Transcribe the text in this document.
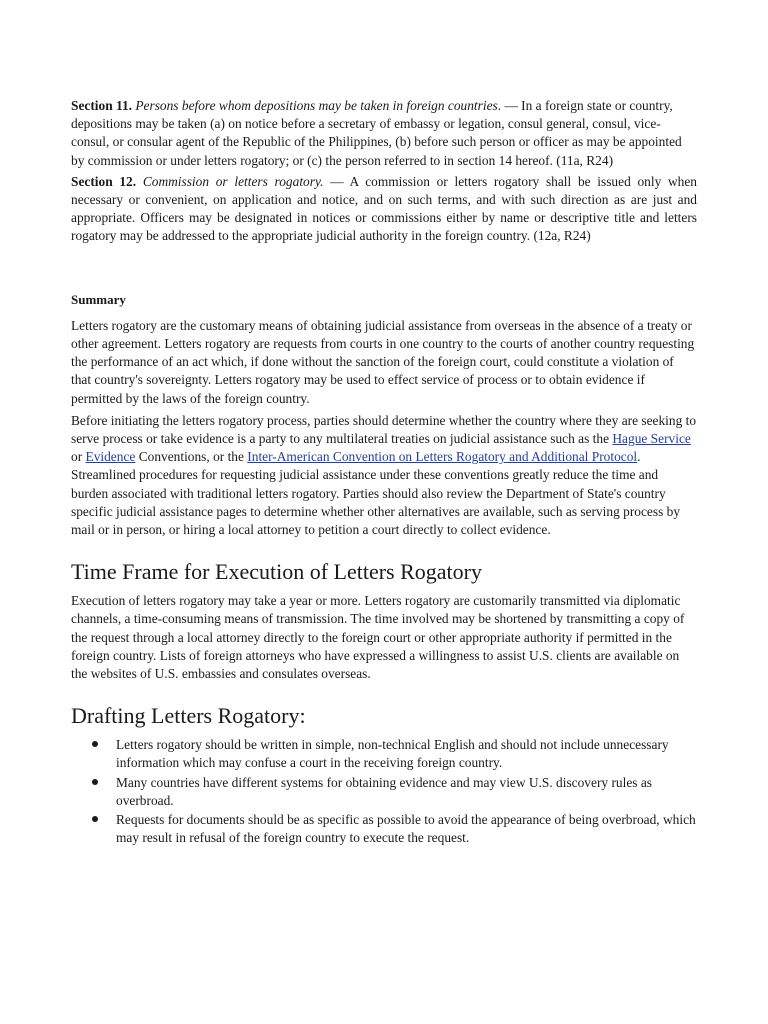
Section 11. Persons before whom depositions may be taken in foreign countries. — In a foreign state or country, depositions may be taken (a) on notice before a secretary of embassy or legation, consul general, consul, vice-consul, or consular agent of the Republic of the Philippines, (b) before such person or officer as may be appointed by commission or under letters rogatory; or (c) the person referred to in section 14 hereof. (11a, R24)

Section 12. Commission or letters rogatory. — A commission or letters rogatory shall be issued only when necessary or convenient, on application and notice, and on such terms, and with such direction as are just and appropriate. Officers may be designated in notices or commissions either by name or descriptive title and letters rogatory may be addressed to the appropriate judicial authority in the foreign country. (12a, R24)

Summary

Letters rogatory are the customary means of obtaining judicial assistance from overseas in the absence of a treaty or other agreement. Letters rogatory are requests from courts in one country to the courts of another country requesting the performance of an act which, if done without the sanction of the foreign court, could constitute a violation of that country's sovereignty. Letters rogatory may be used to effect service of process or to obtain evidence if permitted by the laws of the foreign country.

Before initiating the letters rogatory process, parties should determine whether the country where they are seeking to serve process or take evidence is a party to any multilateral treaties on judicial assistance such as the Hague Service or Evidence Conventions, or the Inter-American Convention on Letters Rogatory and Additional Protocol. Streamlined procedures for requesting judicial assistance under these conventions greatly reduce the time and burden associated with traditional letters rogatory. Parties should also review the Department of State's country specific judicial assistance pages to determine whether other alternatives are available, such as serving process by mail or in person, or hiring a local attorney to petition a court directly to collect evidence.

Time Frame for Execution of Letters Rogatory

Execution of letters rogatory may take a year or more. Letters rogatory are customarily transmitted via diplomatic channels, a time-consuming means of transmission. The time involved may be shortened by transmitting a copy of the request through a local attorney directly to the foreign court or other appropriate authority if permitted in the foreign country. Lists of foreign attorneys who have expressed a willingness to assist U.S. clients are available on the websites of U.S. embassies and consulates overseas.

Drafting Letters Rogatory:
Letters rogatory should be written in simple, non-technical English and should not include unnecessary information which may confuse a court in the receiving foreign country.
Many countries have different systems for obtaining evidence and may view U.S. discovery rules as overbroad.
Requests for documents should be as specific as possible to avoid the appearance of being overbroad, which may result in refusal of the foreign country to execute the request.
